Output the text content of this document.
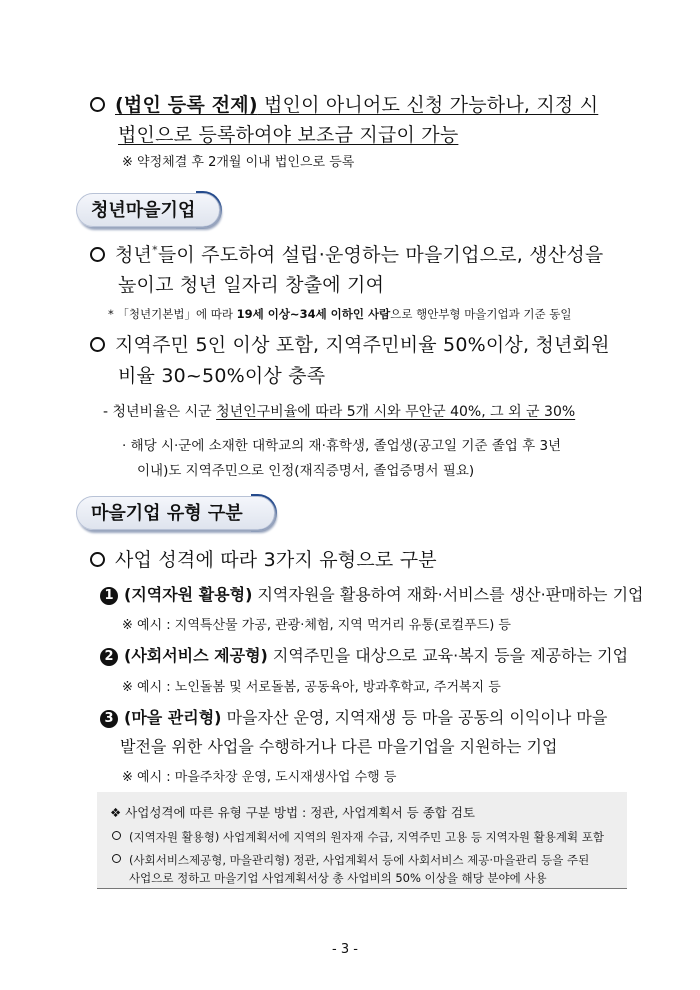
(법인 등록 전제) 법인이 아니어도 신청 가능하나, 지정 시
법인으로 등록하여야 보조금 지급이 가능
※ 약정체결 후 2개월 이내 법인으로 등록
청년마을기업
청년*들이 주도하여 설립·운영하는 마을기업으로, 생산성을
높이고 청년 일자리 창출에 기여
* 「청년기본법」에 따라 19세 이상~34세 이하인 사람으로 행안부형 마을기업과 기준 동일
지역주민 5인 이상 포함, 지역주민비율 50%이상, 청년회원
비율 30~50%이상 충족
- 청년비율은 시군 청년인구비율에 따라 5개 시와 무안군 40%, 그 외 군 30%
· 해당 시·군에 소재한 대학교의 재·휴학생, 졸업생(공고일 기준 졸업 후 3년
이내)도 지역주민으로 인정(재직증명서, 졸업증명서 필요)
마을기업 유형 구분
사업 성격에 따라 3가지 유형으로 구분
1 (지역자원 활용형) 지역자원을 활용하여 재화·서비스를 생산·판매하는 기업
※ 예시 : 지역특산물 가공, 관광·체험, 지역 먹거리 유통(로컬푸드) 등
2 (사회서비스 제공형) 지역주민을 대상으로 교육·복지 등을 제공하는 기업
※ 예시 : 노인돌봄 및 서로돌봄, 공동육아, 방과후학교, 주거복지 등
3 (마을 관리형) 마을자산 운영, 지역재생 등 마을 공동의 이익이나 마을
발전을 위한 사업을 수행하거나 다른 마을기업을 지원하는 기업
※ 예시 : 마을주차장 운영, 도시재생사업 수행 등
❖ 사업성격에 따른 유형 구분 방법 : 정관, 사업계획서 등 종합 검토
(지역자원 활용형) 사업계획서에 지역의 원자재 수급, 지역주민 고용 등 지역자원 활용계획 포함
(사회서비스제공형, 마을관리형) 정관, 사업계획서 등에 사회서비스 제공·마을관리 등을 주된
사업으로 정하고 마을기업 사업계획서상 총 사업비의 50% 이상을 해당 분야에 사용
- 3 -
